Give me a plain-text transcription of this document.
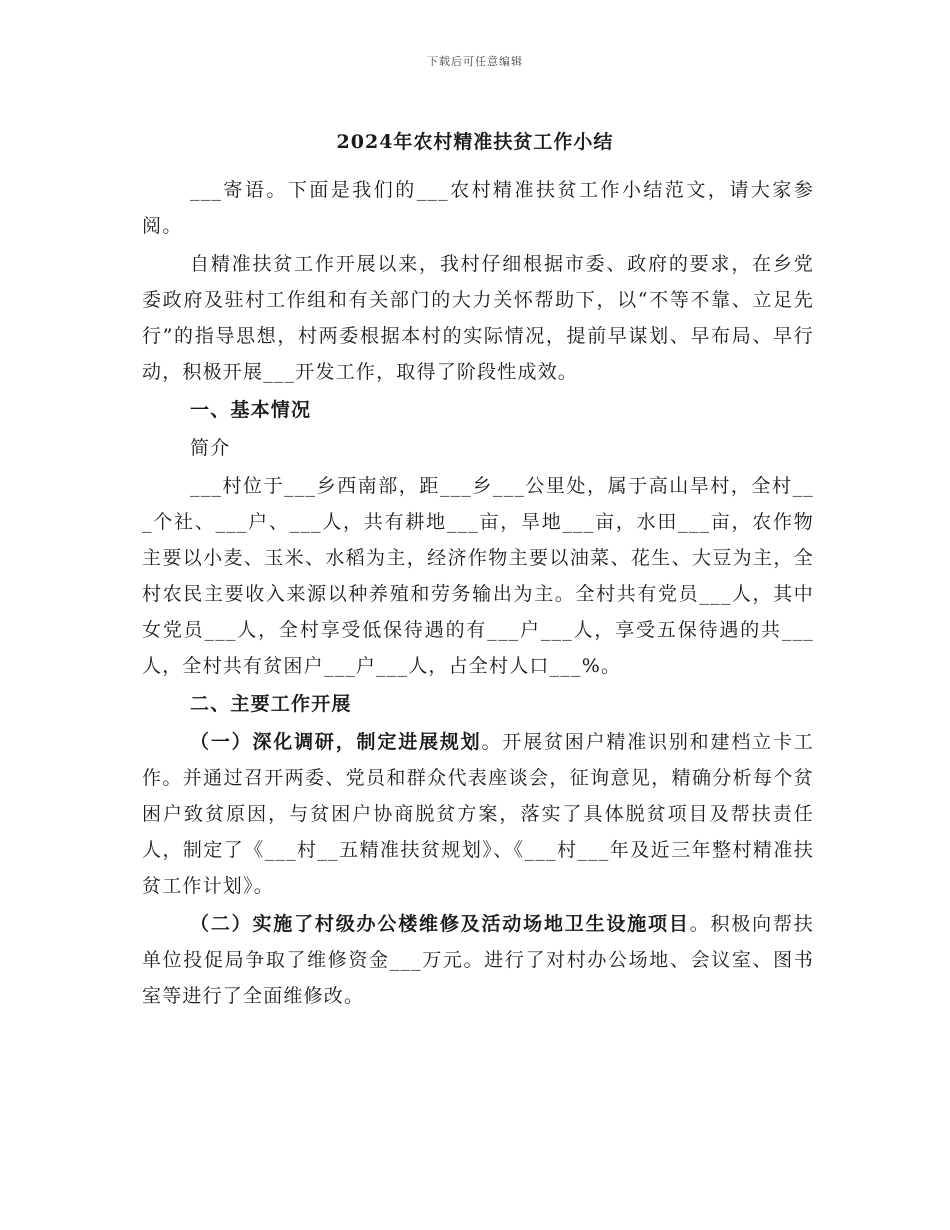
下载后可任意编辑
2024年农村精准扶贫工作小结

___寄语。下面是我们的___农村精准扶贫工作小结范文，请大家参阅。

自精准扶贫工作开展以来，我村仔细根据市委、政府的要求，在乡党委政府及驻村工作组和有关部门的大力关怀帮助下，以“不等不靠、立足先行”的指导思想，村两委根据本村的实际情况，提前早谋划、早布局、早行动，积极开展___开发工作，取得了阶段性成效。

一、基本情况

简介

___村位于___乡西南部，距___乡___公里处，属于高山旱村，全村___个社、___户、___人，共有耕地___亩，旱地___亩，水田___亩，农作物主要以小麦、玉米、水稻为主，经济作物主要以油菜、花生、大豆为主，全村农民主要收入来源以种养殖和劳务输出为主。全村共有党员___人，其中女党员___人，全村享受低保待遇的有___户___人，享受五保待遇的共___人，全村共有贫困户___户___人，占全村人口___%。

二、主要工作开展

（一）深化调研，制定进展规划。开展贫困户精准识别和建档立卡工作。并通过召开两委、党员和群众代表座谈会，征询意见，精确分析每个贫困户致贫原因，与贫困户协商脱贫方案，落实了具体脱贫项目及帮扶责任人，制定了《___村__五精准扶贫规划》、《___村___年及近三年整村精准扶贫工作计划》。

（二）实施了村级办公楼维修及活动场地卫生设施项目。积极向帮扶单位投促局争取了维修资金___万元。进行了对村办公场地、会议室、图书室等进行了全面维修改。
